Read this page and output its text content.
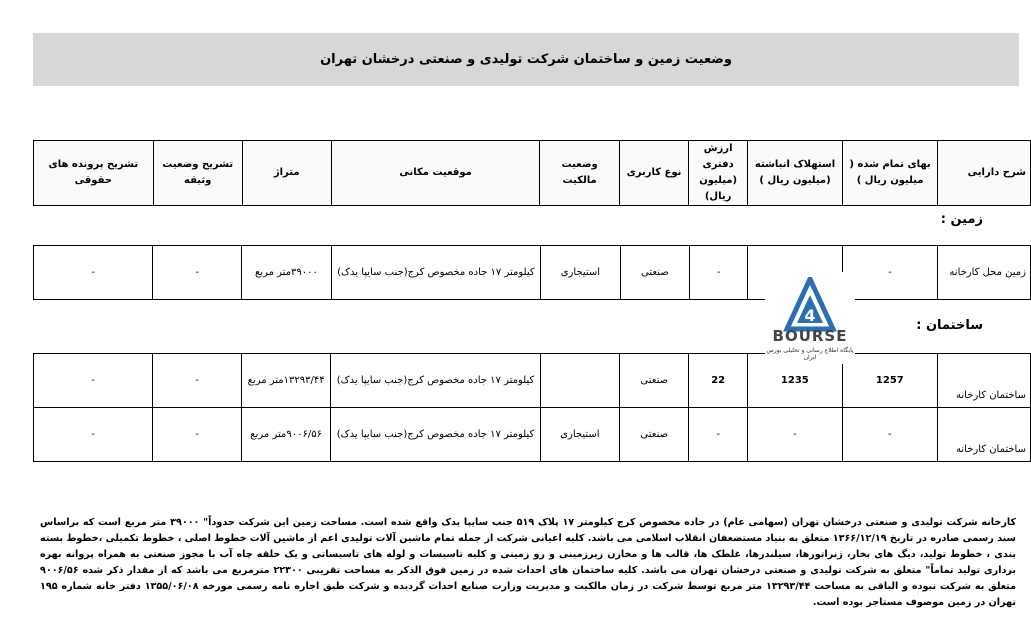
وضعیت زمین و ساختمان شرکت تولیدی و صنعتی درخشان تهران
شرح دارایی	بهای تمام شده ( میلیون ریال )	استهلاک انباشته (میلیون ریال )	ارزش دفتری (میلیون ریال)	نوع کاربری	وضعیت مالکیت	موقعیت مکانی	متراژ	تشریح وضعیت وثیقه	تشریح پرونده های حقوقی
زمین :
زمین محل کارخانه	-		-	صنعتی	استیجاری	کیلومتر ۱۷ جاده مخصوص کرج(جنب سایپا یدک)	۳۹۰۰۰متر مربع	-	-
ساختمان :
ساختمان کارخانه	1257	1235	22	صنعتی		کیلومتر ۱۷ جاده مخصوص کرج(جنب سایپا یدک)	۱۳۲۹۳/۴۴متر مربع	-	-
ساختمان کارخانه	-	-	-	صنعتی	استیجاری	کیلومتر ۱۷ جاده مخصوص کرج(جنب سایپا یدک)	۹۰۰۶/۵۶متر مربع	-	-
4
BOURSE
پایگاه اطلاع رسانی و تحلیلی بورس ایران
کارخانه شرکت تولیدی و صنعتی درخشان تهران (سهامی عام) در جاده مخصوص کرج کیلومتر ۱۷ پلاک ۵۱۹ جنب سایپا یدک واقع شده است. مساحت زمین این شرکت حدوداً" ۳۹۰۰۰ متر مربع است که براساس سند رسمی صادره در تاریخ ۱۳۶۶/۱۲/۱۹ متعلق به بنیاد مستضعفان انقلاب اسلامی می باشد. کلیه اعیانی شرکت از جمله تمام ماشین آلات تولیدی اعم از ماشین آلات خطوط اصلی ، خطوط تکمیلی ،خطوط بسته بندی ، خطوط تولید، دیگ های بخار، ژنراتورها، سیلندرها، غلطک ها، قالب ها و مخازن زیرزمینی و رو زمینی و کلیه تاسیسات و لوله های تاسیساتی و یک حلقه چاه آب با مجوز صنعتی به همراه پروانه بهره برداری تولید تماماً" متعلق به شرکت تولیدی و صنعتی درخشان تهران می باشد. کلیه ساختمان های احداث شده در زمین فوق الذکر به مساحت تقریبی ۲۲۳۰۰ مترمربع می باشد که از مقدار ذکر شده ۹۰۰۶/۵۶ متعلق به شرکت نبوده و الباقی به مساحت ۱۳۲۹۳/۴۴ متر مربع توسط شرکت در زمان مالکیت و مدیریت وزارت صنایع احداث گردیده و شرکت طبق اجاره نامه رسمی مورخه ۱۳۵۵/۰۶/۰۸ دفتر خانه شماره ۱۹۵ تهران در زمین موصوف مستاجر بوده است.
